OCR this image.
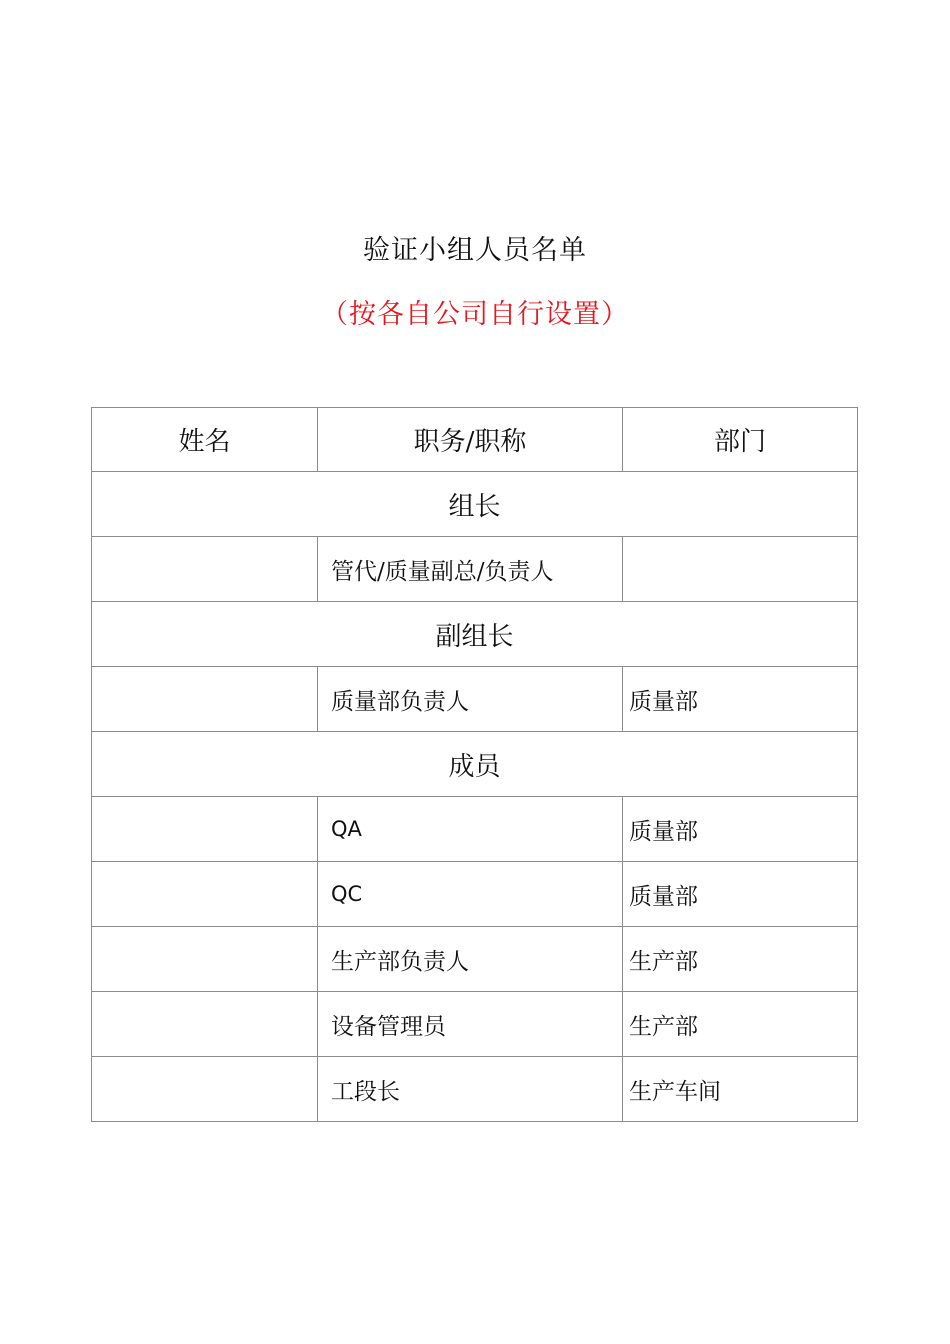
验证小组人员名单
（按各自公司自行设置）
姓名	职务/职称	部门
组长		
	管代/质量副总/负责人	
副组长		
	质量部负责人	质量部
成员		
	QA	质量部
	QC	质量部
	生产部负责人	生产部
	设备管理员	生产部
	工段长	生产车间
